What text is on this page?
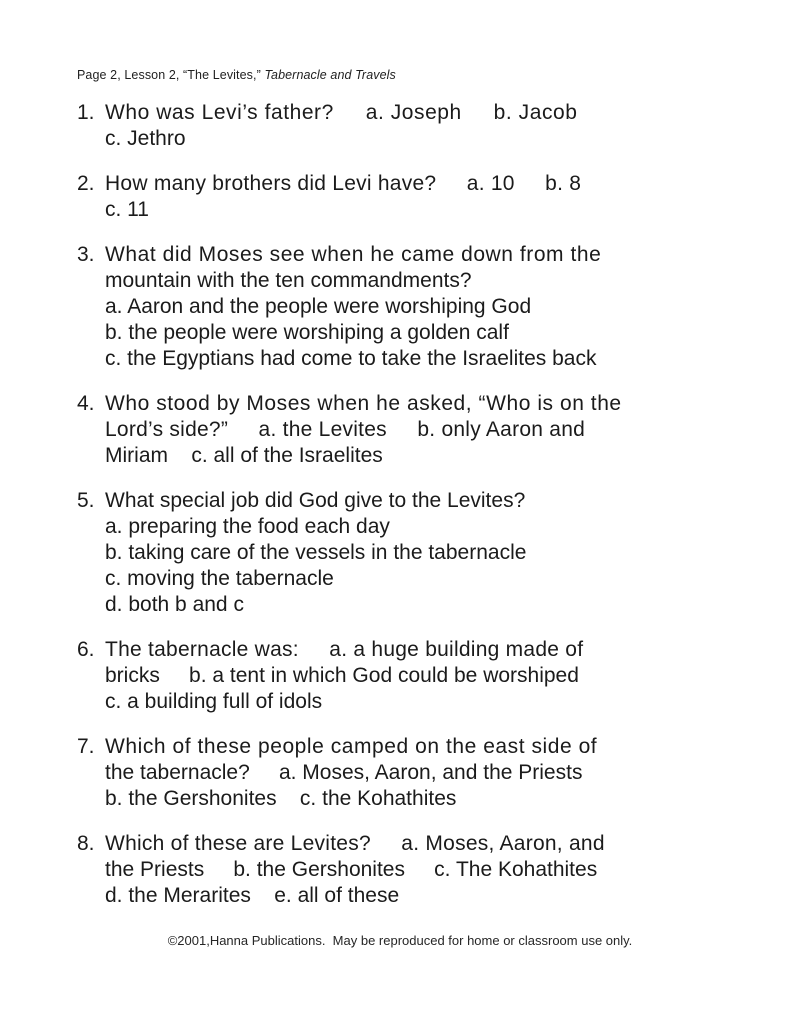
Page 2, Lesson 2, “The Levites,” Tabernacle and Travels
1. Who was Levi’s father?     a. Joseph     b. Jacob
c. Jethro
2. How many brothers did Levi have?     a. 10     b. 8
c. 11
3. What did Moses see when he came down from the
mountain with the ten commandments?
a. Aaron and the people were worshiping God
b. the people were worshiping a golden calf
c. the Egyptians had come to take the Israelites back
4. Who stood by Moses when he asked, “Who is on the
Lord’s side?”     a. the Levites     b. only Aaron and
Miriam    c. all of the Israelites
5. What special job did God give to the Levites?
a. preparing the food each day
b. taking care of the vessels in the tabernacle
c. moving the tabernacle
d. both b and c
6. The tabernacle was:     a. a huge building made of
bricks     b. a tent in which God could be worshiped
c. a building full of idols
7. Which of these people camped on the east side of
the tabernacle?     a. Moses, Aaron, and the Priests
b. the Gershonites    c. the Kohathites
8. Which of these are Levites?     a. Moses, Aaron, and
the Priests     b. the Gershonites     c. The Kohathites
d. the Merarites    e. all of these
©2001,Hanna Publications.  May be reproduced for home or classroom use only.
